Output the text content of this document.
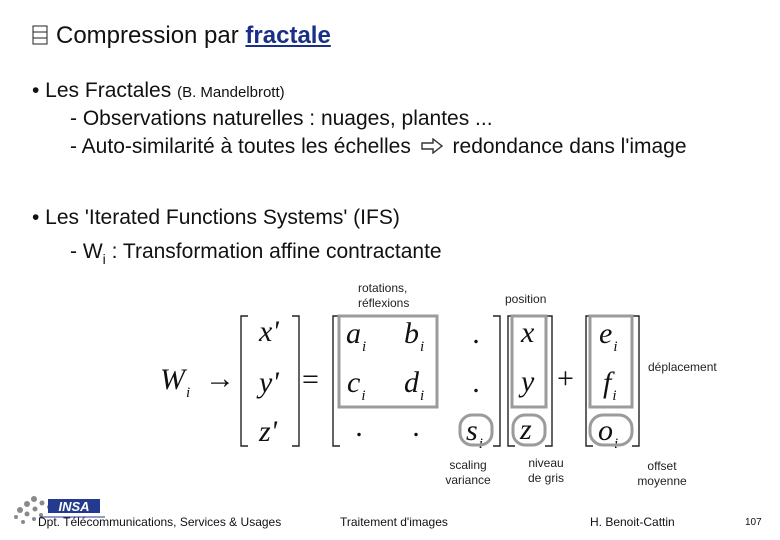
Compression par fractale
• Les Fractales (B. Mandelbrott)
- Observations naturelles : nuages, plantes ...
- Auto-similarité à toutes les échelles redondance dans l'image
• Les 'Iterated Functions Systems' (IFS)
- $W_i$ : Transformation affine contractante
rotations,
réflexions	position
déplacement
scaling
variance
niveau
de gris
offset
moyenne
Wi →
x'
y'
z'
=
ai bi .
ci di .
. . si
x
y
z
+
ei
fi
oi
INSA
Dpt. Télécommunications, Services & Usages	Traitement d'images	H. Benoit-Cattin	107
